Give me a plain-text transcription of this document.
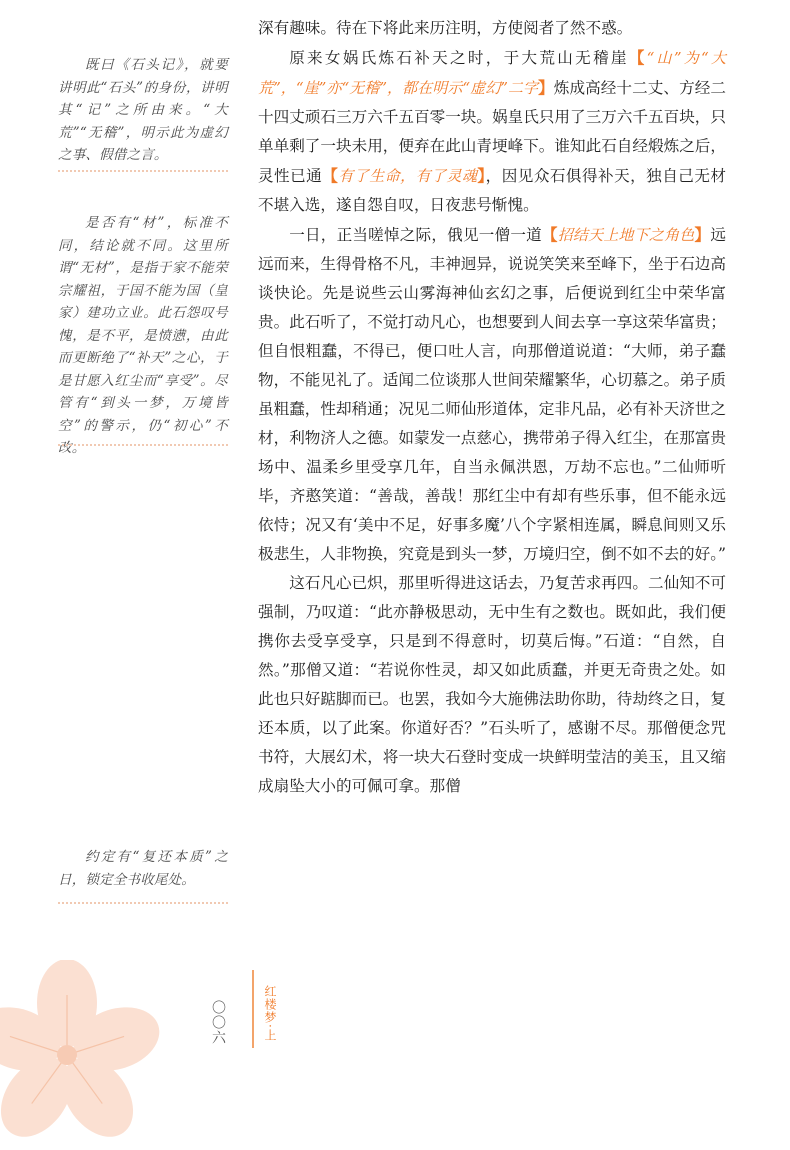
既曰《石头记》，就要讲明此“石头”的身份，讲明其“记”之所由来。“大荒”“无稽”，明示此为虚幻之事、假借之言。

是否有“材”，标准不同，结论就不同。这里所谓“无材”，是指于家不能荣宗耀祖，于国不能为国（皇家）建功立业。此石怨叹号愧，是不平，是愤懑，由此而更断绝了“补天”之心，于是甘愿入红尘而“享受”。尽管有“到头一梦，万境皆空”的警示，仍“初心”不改。

约定有“复还本质”之日，锁定全书收尾处。

深有趣味。待在下将此来历注明，方使阅者了然不惑。

原来女娲氏炼石补天之时，于大荒山无稽崖【“山”为“大荒”，“崖”亦“无稽”，都在明示“虚幻”二字】炼成高经十二丈、方经二十四丈顽石三万六千五百零一块。娲皇氏只用了三万六千五百块，只单单剩了一块未用，便弃在此山青埂峰下。谁知此石自经煅炼之后，灵性已通【有了生命，有了灵魂】，因见众石俱得补天，独自己无材不堪入选，遂自怨自叹，日夜悲号惭愧。

一日，正当嗟悼之际，俄见一僧一道【招结天上地下之角色】远远而来，生得骨格不凡，丰神迥异，说说笑笑来至峰下，坐于石边高谈快论。先是说些云山雾海神仙玄幻之事，后便说到红尘中荣华富贵。此石听了，不觉打动凡心，也想要到人间去享一享这荣华富贵；但自恨粗蠢，不得已，便口吐人言，向那僧道说道：“大师，弟子蠢物，不能见礼了。适闻二位谈那人世间荣耀繁华，心切慕之。弟子质虽粗蠢，性却稍通；况见二师仙形道体，定非凡品，必有补天济世之材，利物济人之德。如蒙发一点慈心，携带弟子得入红尘，在那富贵场中、温柔乡里受享几年，自当永佩洪恩，万劫不忘也。”二仙师听毕，齐憨笑道：“善哉，善哉！那红尘中有却有些乐事，但不能永远依恃；况又有‘美中不足，好事多魔’八个字紧相连属，瞬息间则又乐极悲生，人非物换，究竟是到头一梦，万境归空，倒不如不去的好。”

这石凡心已炽，那里听得进这话去，乃复苦求再四。二仙知不可强制，乃叹道：“此亦静极思动，无中生有之数也。既如此，我们便携你去受享受享，只是到不得意时，切莫后悔。”石道：“自然，自然。”那僧又道：“若说你性灵，却又如此质蠢，并更无奇贵之处。如此也只好踮脚而已。也罢，我如今大施佛法助你助，待劫终之日，复还本质，以了此案。你道好否？”石头听了，感谢不尽。那僧便念咒书符，大展幻术，将一块大石登时变成一块鲜明莹洁的美玉，且又缩成扇坠大小的可佩可拿。那僧

〇〇六	红楼梦·上
